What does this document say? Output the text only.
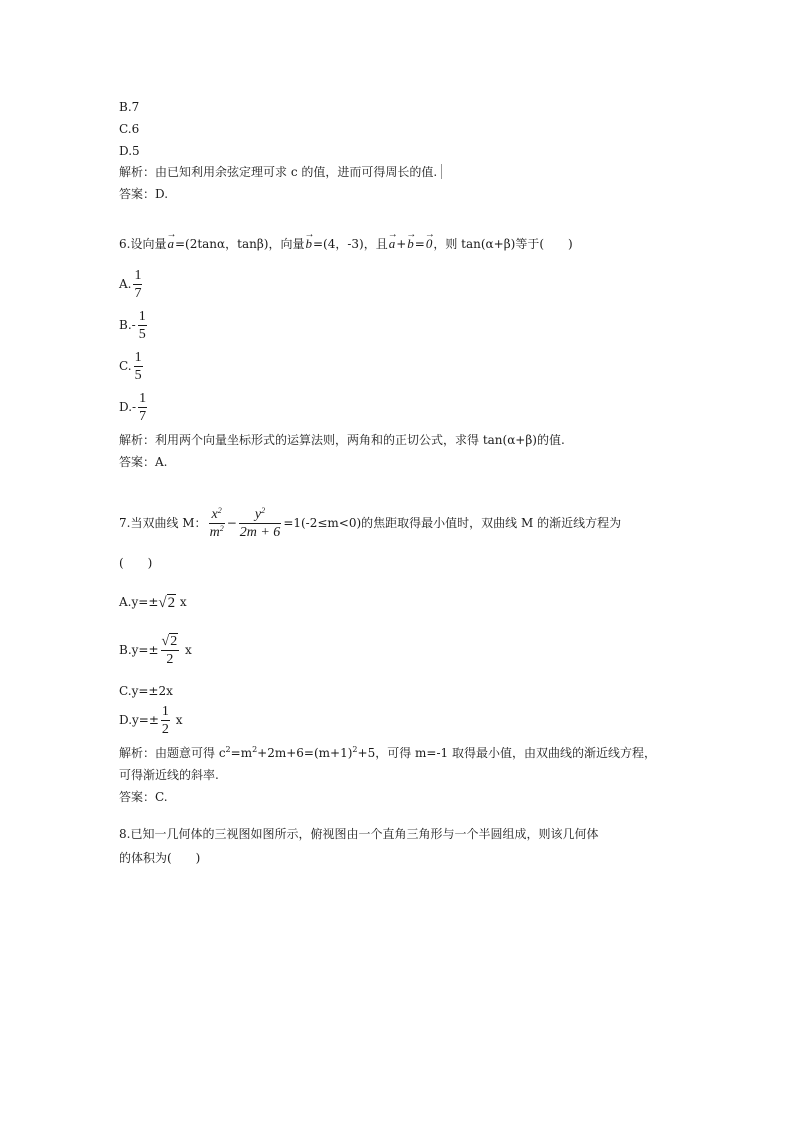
B.7
C.6
D.5
解析：由已知利用余弦定理可求 c 的值，进而可得周长的值.
答案：D.
6.设向量→ a=(2tanα，tanβ)，向量→ b=(4，-3)，且→ a+→ b=→ 0，则 tan(α+β)等于(　　)
A. $\frac{1}{7}$
$B.- \frac{1}{5}$
C. $\frac{1}{5}$
$D.- \frac{1}{7}$
解析：利用两个向量坐标形式的运算法则，两角和的正切公式，求得 tan(α+β)的值.
答案：A.
7.当双曲线 M： $\frac{x^2}{m^2} - \frac{y^2}{2m + 6} =1(-2\le m<0)$的焦距取得最小值时，双曲线 M 的渐近线方程为
(　　)
A.y=±√2 x
$B.y=\pm \frac{√2}{2}$ x
C.y=±2x
$D.y=\pm \frac{1}{2}$ x
解析：由题意可得 $c^2=m^2+2m+6=(m+1)^2+5$，可得 m=-1 取得最小值，由双曲线的渐近线方程，
可得渐近线的斜率.
答案：C.
8.已知一几何体的三视图如图所示，俯视图由一个直角三角形与一个半圆组成，则该几何体
的体积为(　　)
